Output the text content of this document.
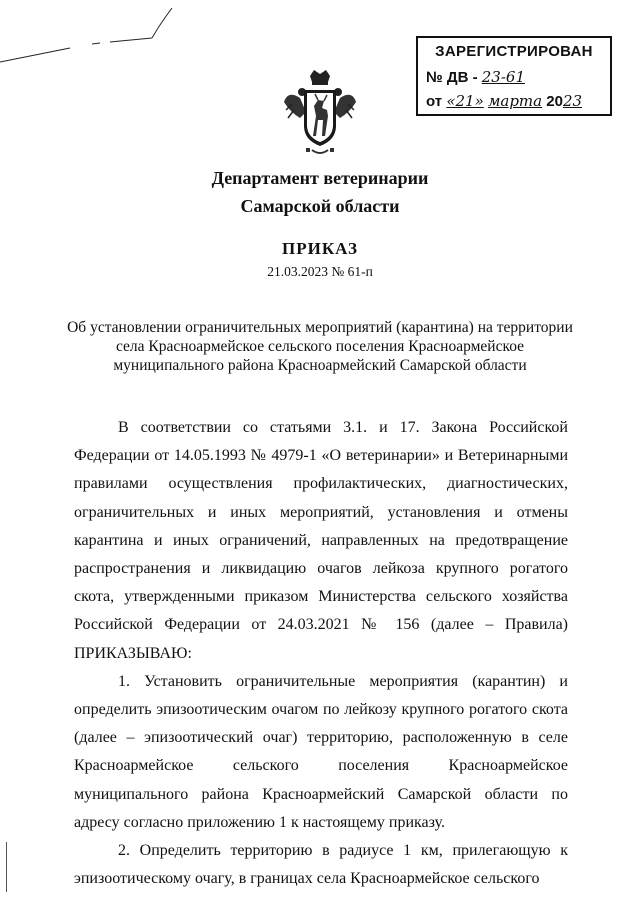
ЗАРЕГИСТРИРОВАН
№ ДВ - 23-61
от «21» марта 2023
Департамент ветеринарии
Самарской области
ПРИКАЗ
21.03.2023 № 61-п
Об установлении ограничительных мероприятий (карантина) на территории села Красноармейское сельского поселения Красноармейское муниципального района Красноармейский Самарской области

В соответствии со статьями 3.1. и 17. Закона Российской Федерации от 14.05.1993 № 4979-1 «О ветеринарии» и Ветеринарными правилами осуществления профилактических, диагностических, ограничительных и иных мероприятий, установления и отмены карантина и иных ограничений, направленных на предотвращение распространения и ликвидацию очагов лейкоза крупного рогатого скота, утвержденными приказом Министерства сельского хозяйства Российской Федерации от 24.03.2021 № 156 (далее – Правила) ПРИКАЗЫВАЮ:

1. Установить ограничительные мероприятия (карантин) и определить эпизоотическим очагом по лейкозу крупного рогатого скота (далее – эпизоотический очаг) территорию, расположенную в селе Красноармейское сельского поселения Красноармейское муниципального района Красноармейский Самарской области по адресу согласно приложению 1 к настоящему приказу.

2. Определить территорию в радиусе 1 км, прилегающую к эпизоотическому очагу, в границах села Красноармейское сельского
